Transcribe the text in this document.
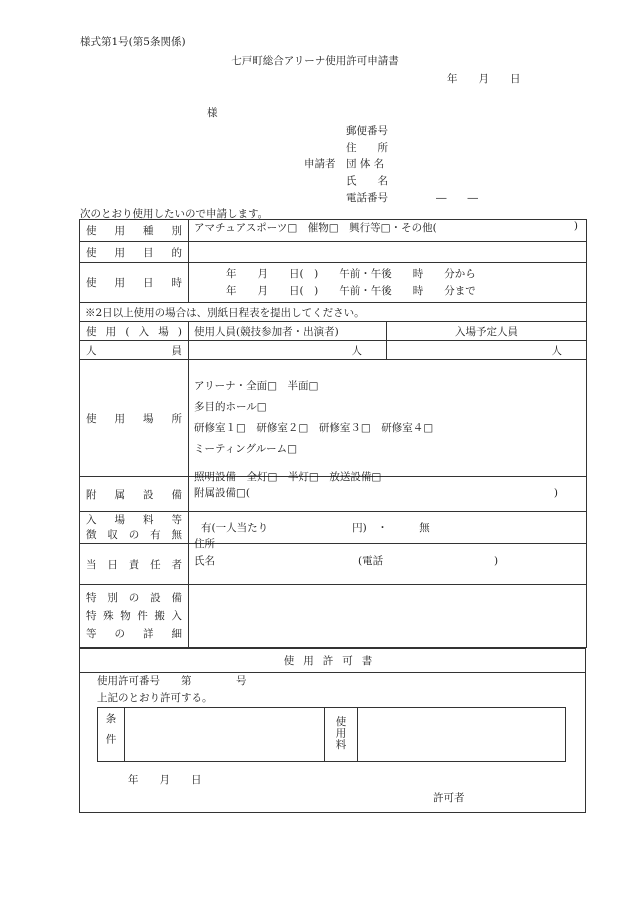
様式第1号(第5条関係)
七戸町総合アリーナ使用許可申請書
年　　月　　日
様
郵便番号
住　　所
申請者 団 体 名
氏　　名
電話番号	―　　―
次のとおり使用したいので申請します。
使用種別	アマチュアスポーツ□　催物□　興行等□・その他( )	

使用目的		

使用日時	年　　月　　日(　)　　午前・午後　　時　　分から
年　　月　　日(　)　　午前・午後　　時　　分まで	

※2日以上使用の場合は、別紙日程表を提出してください。		

使用(入場)	使用人員(競技参加者・出演者)	入場予定人員

人員	人	人

使用場所	アリーナ・全面□　半面□
多目的ホール□
研修室１□　研修室２□　研修室３□　研修室４□
ミーティングルーム□	

附属設備	照明設備　全灯□　半灯□　放送設備□
附属設備□( )	

入場料等
徴収の有無	有(一人当たり　　　　　　　　円)　・　　　無	

当日責任者	住所
氏名 (電話 )	

特別の設備
特殊物件搬入
等の詳細		

使用許可書
使用許可番号 第	号
上記のとおり許可する。
条件		使用料	
年　　月　　日
許可者
